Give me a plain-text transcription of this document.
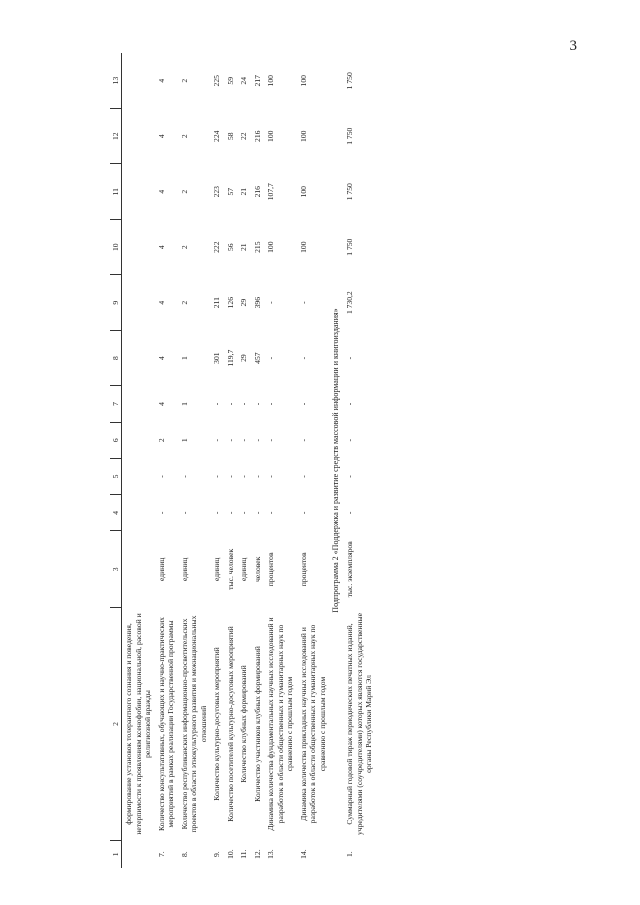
3
1	2	3	4	5	6	7	8	9	10	11	12	13
	формирование установок толерантного сознания и поведения, нетерпимости к проявлениям ксенофобии, национальной, расовой и религиозной вражды											
7.	Количество консультативных, обучающих и научно-практических мероприятий в рамках реализации Государственной программы	единиц	-	-	2	4	4	4	4	4	4	4
8.	Количество республиканских информационно-просветительских проектов в области этнокультурного развития и межнациональных отношений	единиц	-	-	1	1	1	2	2	2	2	2
9.	Количество культурно-досуговых мероприятий	единиц	-	-	-	-	301	211	222	223	224	225
10.	Количество посетителей культурно-досуговых мероприятий	тыс. человек	-	-	-	-	119,7	126	56	57	58	59
11.	Количество клубных формирований	единиц	-	-	-	-	29	29	21	21	22	24
12.	Количество участников клубных формирований	человек	-	-	-	-	457	396	215	216	216	217
13.	Динамика количества фундаментальных научных исследований и разработок в области общественных и гуманитарных наук по сравнению с прошлым годом	процентов	-	-	-	-	-	-	100	107,7	100	100
14.	Динамика количества прикладных научных исследований и разработок в области общественных и гуманитарных наук по сравнению с прошлым годом	процентов	-	-	-	-	-	-	100	100	100	100
Подпрограмма 2 «Поддержка и развитие средств массовой информации и книгоиздания»												
1.	Суммарный годовой тираж периодических печатных изданий, учредителями (соучредителями) которых являются государственные органы Республики Марий Эл	тыс. экземпляров	-	-	-	-	-	1 730,2	1 750	1 750	1 750	1 750
